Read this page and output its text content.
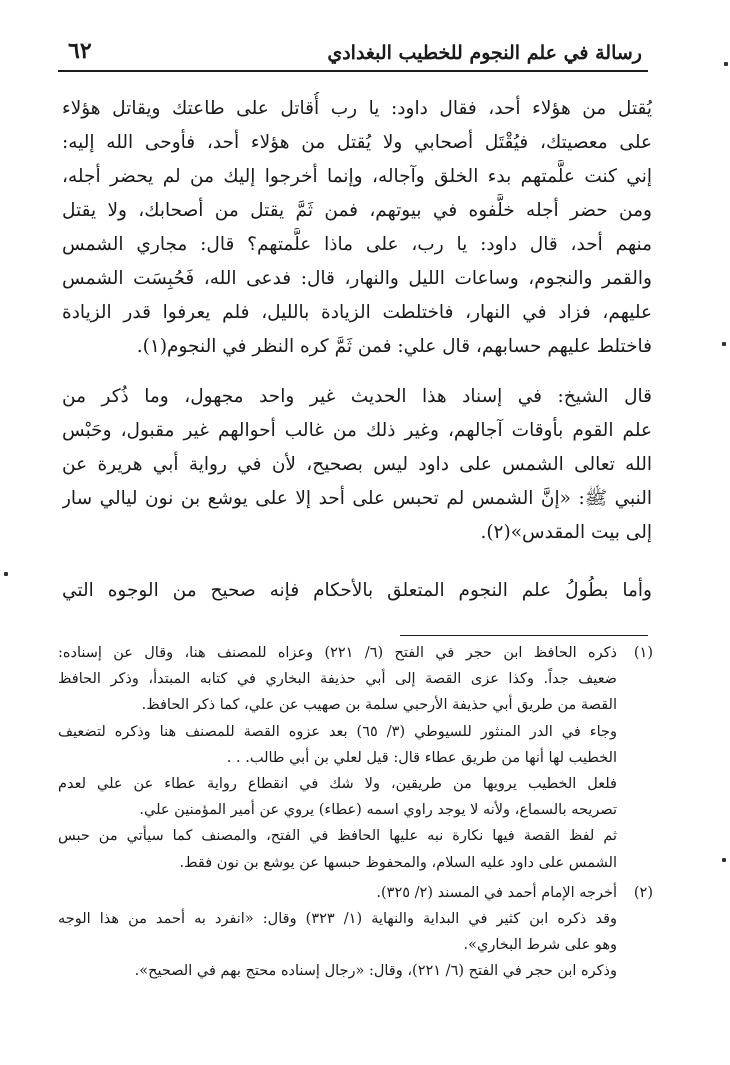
٦٢	رسالة في علم النجوم للخطيب البغدادي
يُقتل من هؤلاء أحد، فقال داود: يا رب أُقاتل على طاعتك ويقاتل هؤلاء
على معصيتك، فيُقْتَل أصحابي ولا يُقتل من هؤلاء أحد، فأوحى الله إليه:
إني كنت علَّمتهم بدء الخلق وآجاله، وإنما أخرجوا إليك من لم يحضر أجله،
ومن حضر أجله خلَّفوه في بيوتهم، فمن ثَمَّ يقتل من أصحابك، ولا يقتل
منهم أحد، قال داود: يا رب، على ماذا علَّمتهم؟ قال: مجاري الشمس
والقمر والنجوم، وساعات الليل والنهار، قال: فدعى الله، فَحُبِسَت الشمس
عليهم، فزاد في النهار، فاختلطت الزيادة بالليل، فلم يعرفوا قدر الزيادة
فاختلط عليهم حسابهم، قال علي: فمن ثَمَّ كره النظر في النجوم(١).
قال الشيخ: في إسناد هذا الحديث غير واحد مجهول، وما ذُكر من
علم القوم بأوقات آجالهم، وغير ذلك من غالب أحوالهم غير مقبول، وحَبْس
الله تعالى الشمس على داود ليس بصحيح، لأن في رواية أبي هريرة عن
النبي ﷺ: «إنَّ الشمس لم تحبس على أحد إلا على يوشع بن نون ليالي سار
إلى بيت المقدس»(٢).
وأما بطُولُ علم النجوم المتعلق بالأحكام فإنه صحيح من الوجوه التي
(١)
ذكره الحافظ ابن حجر في الفتح (٦/ ٢٢١) وعزاه للمصنف هنا، وقال عن إسناده:
ضعيف جداً. وكذا عزى القصة إلى أبي حذيفة البخاري في كتابه المبتدأ، وذكر الحافظ
القصة من طريق أبي حذيفة الأرحبي سلمة بن صهيب عن علي، كما ذكر الحافظ.
وجاء في الدر المنثور للسيوطي (٣/ ٦٥) بعد عزوه القصة للمصنف هنا وذكره لتضعيف
الخطيب لها أنها من طريق عطاء قال: قيل لعلي بن أبي طالب. . .
فلعل الخطيب يرويها من طريقين، ولا شك في انقطاع رواية عطاء عن علي لعدم
تصريحه بالسماع، ولأنه لا يوجد راوي اسمه (عطاء) يروي عن أمير المؤمنين علي.
ثم لفظ القصة فيها نكارة نبه عليها الحافظ في الفتح، والمصنف كما سيأتي من حبس
الشمس على داود عليه السلام، والمحفوظ حبسها عن يوشع بن نون فقط.
(٢)
أخرجه الإمام أحمد في المسند (٢/ ٣٢٥).
وقد ذكره ابن كثير في البداية والنهاية (١/ ٣٢٣) وقال: «انفرد به أحمد من هذا الوجه
وهو على شرط البخاري».
وذكره ابن حجر في الفتح (٦/ ٢٢١)، وقال: «رجال إسناده محتج بهم في الصحيح».
